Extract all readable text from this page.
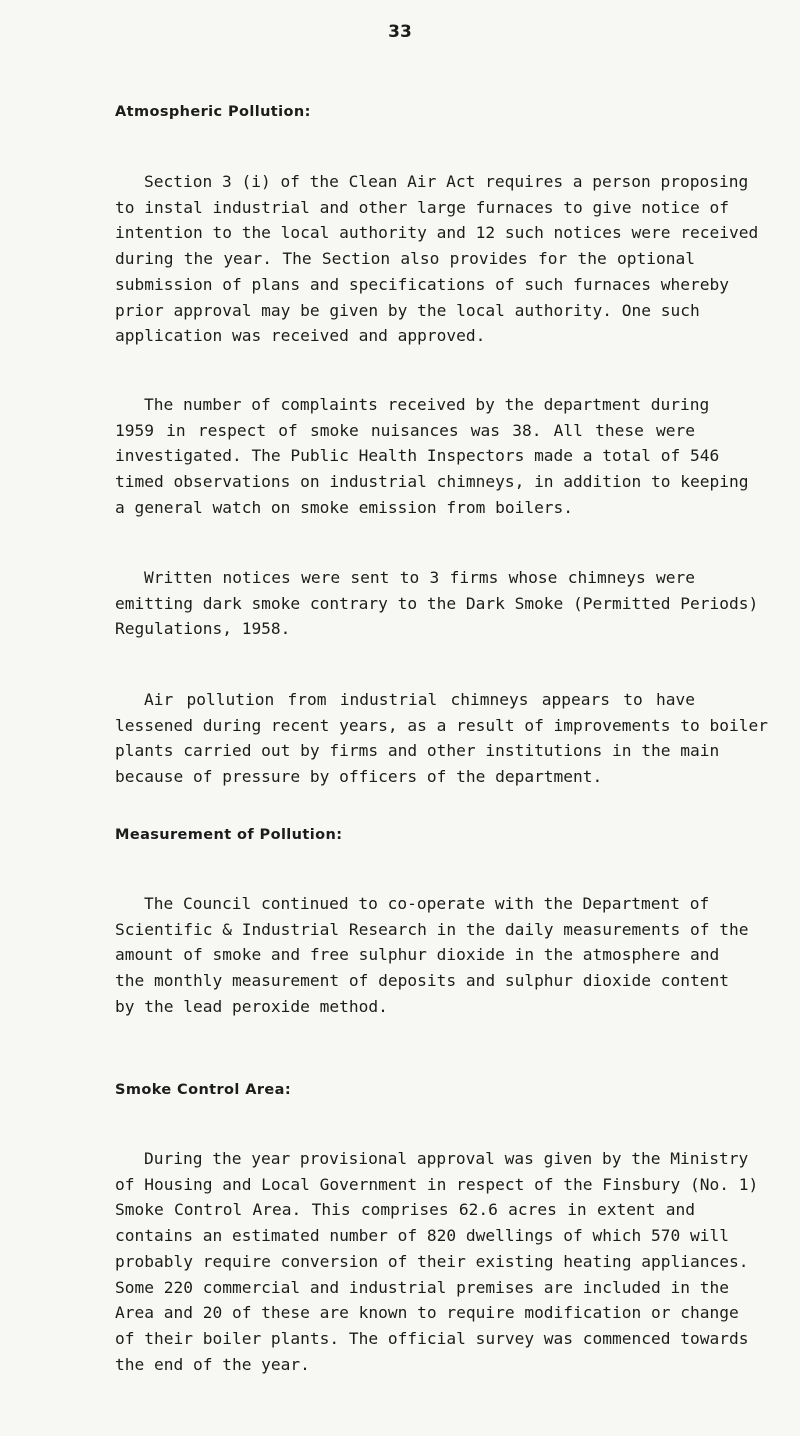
33
Atmospheric Pollution:
Section 3 (i) of the Clean Air Act requires a person proposing
to instal industrial and other large furnaces to give notice of
intention to the local authority and 12 such notices were received
during the year. The Section also provides for the optional
submission of plans and specifications of such furnaces whereby
prior approval may be given by the local authority. One such
application was received and approved.
The number of complaints received by the department during
1959 in respect of smoke nuisances was 38. All these were
investigated. The Public Health Inspectors made a total of 546
timed observations on industrial chimneys, in addition to keeping
a general watch on smoke emission from boilers.
Written notices were sent to 3 firms whose chimneys were
emitting dark smoke contrary to the Dark Smoke (Permitted Periods)
Regulations, 1958.
Air pollution from industrial chimneys appears to have
lessened during recent years, as a result of improvements to boiler
plants carried out by firms and other institutions in the main
because of pressure by officers of the department.
Measurement of Pollution:
The Council continued to co-operate with the Department of
Scientific & Industrial Research in the daily measurements of the
amount of smoke and free sulphur dioxide in the atmosphere and
the monthly measurement of deposits and sulphur dioxide content
by the lead peroxide method.
Smoke Control Area:
During the year provisional approval was given by the Ministry
of Housing and Local Government in respect of the Finsbury (No. 1)
Smoke Control Area. This comprises 62.6 acres in extent and
contains an estimated number of 820 dwellings of which 570 will
probably require conversion of their existing heating appliances.
Some 220 commercial and industrial premises are included in the
Area and 20 of these are known to require modification or change
of their boiler plants. The official survey was commenced towards
the end of the year.
